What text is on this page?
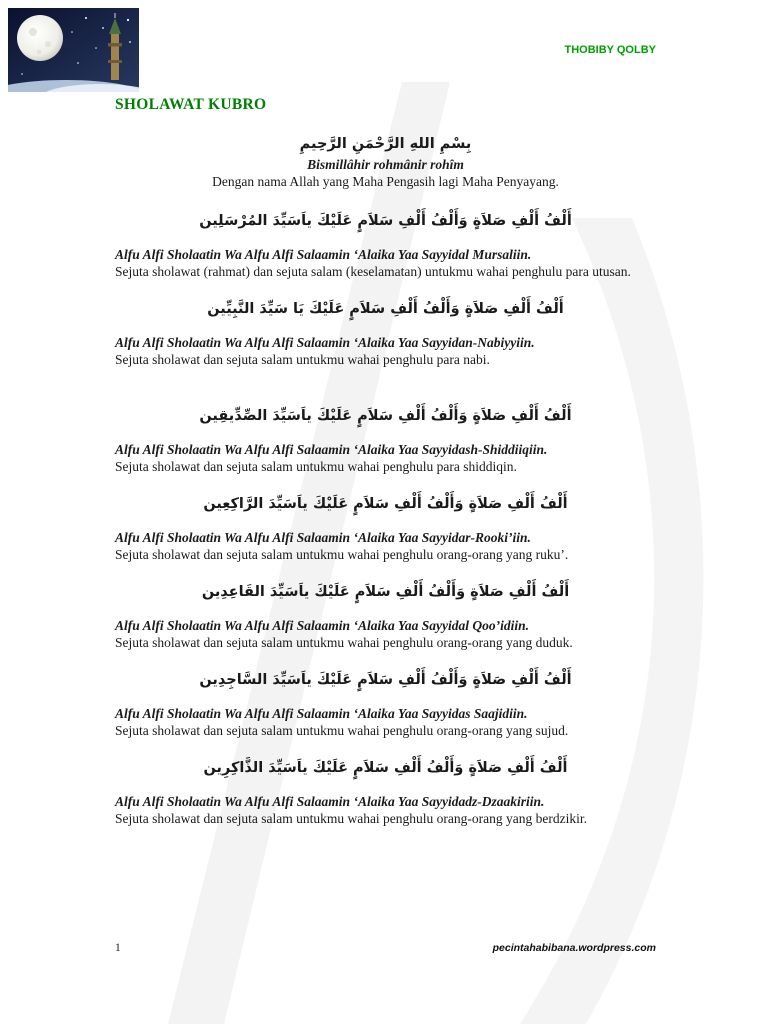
THOBIBY QOLBY
SHOLAWAT KUBRO
بِسْمِ اللهِ الرَّحْمَنِ الرَّحِيمِ
Bismillâhir rohmânir rohîm
Dengan nama Allah yang Maha Pengasih lagi Maha Penyayang.
أَلْفُ أَلْفِ صَلاَةٍ وَأَلْفُ أَلْفِ سَلاَمٍ عَلَيْكَ ياَسَيِّدَ المُرْسَلِين
Alfu Alfi Sholaatin Wa Alfu Alfi Salaamin ‘Alaika Yaa Sayyidal Mursaliin.
Sejuta sholawat (rahmat) dan sejuta salam (keselamatan) untukmu wahai penghulu para utusan.
أَلْفُ أَلْفِ صَلاَةٍ وَأَلْفُ أَلْفِ سَلاَمٍ عَلَيْكَ يَا سَيِّدَ النَّبِيِّين
Alfu Alfi Sholaatin Wa Alfu Alfi Salaamin ‘Alaika Yaa Sayyidan-Nabiyyiin.
Sejuta sholawat dan sejuta salam untukmu wahai penghulu para nabi.
أَلْفُ أَلْفِ صَلاَةٍ وَأَلْفُ أَلْفِ سَلاَمٍ عَلَيْكَ ياَسَيِّدَ الصِّدِّيقِين
Alfu Alfi Sholaatin Wa Alfu Alfi Salaamin ‘Alaika Yaa Sayyidash-Shiddiiqiin.
Sejuta sholawat dan sejuta salam untukmu wahai penghulu para shiddiqin.
أَلْفُ أَلْفِ صَلاَةٍ وَأَلْفُ أَلْفِ سَلاَمٍ عَلَيْكَ ياَسَيِّدَ الرَّاكِعِين
Alfu Alfi Sholaatin Wa Alfu Alfi Salaamin ‘Alaika Yaa Sayyidar-Rooki’iin.
Sejuta sholawat dan sejuta salam untukmu wahai penghulu orang-orang yang ruku’.
أَلْفُ أَلْفِ صَلاَةٍ وَأَلْفُ أَلْفِ سَلاَمٍ عَلَيْكَ ياَسَيِّدَ القَاعِدِين
Alfu Alfi Sholaatin Wa Alfu Alfi Salaamin ‘Alaika Yaa Sayyidal Qoo’idiin.
Sejuta sholawat dan sejuta salam untukmu wahai penghulu orang-orang yang duduk.
أَلْفُ أَلْفِ صَلاَةٍ وَأَلْفُ أَلْفِ سَلاَمٍ عَلَيْكَ ياَسَيِّدَ السَّاجِدِين
Alfu Alfi Sholaatin Wa Alfu Alfi Salaamin ‘Alaika Yaa Sayyidas Saajidiin.
Sejuta sholawat dan sejuta salam untukmu wahai penghulu orang-orang yang sujud.
أَلْفُ أَلْفِ صَلاَةٍ وَأَلْفُ أَلْفِ سَلاَمٍ عَلَيْكَ ياَسَيِّدَ الذَّاكِرِين
Alfu Alfi Sholaatin Wa Alfu Alfi Salaamin ‘Alaika Yaa Sayyidadz-Dzaakiriin.
Sejuta sholawat dan sejuta salam untukmu wahai penghulu orang-orang yang berdzikir.
1	pecintahabibana.wordpress.com
